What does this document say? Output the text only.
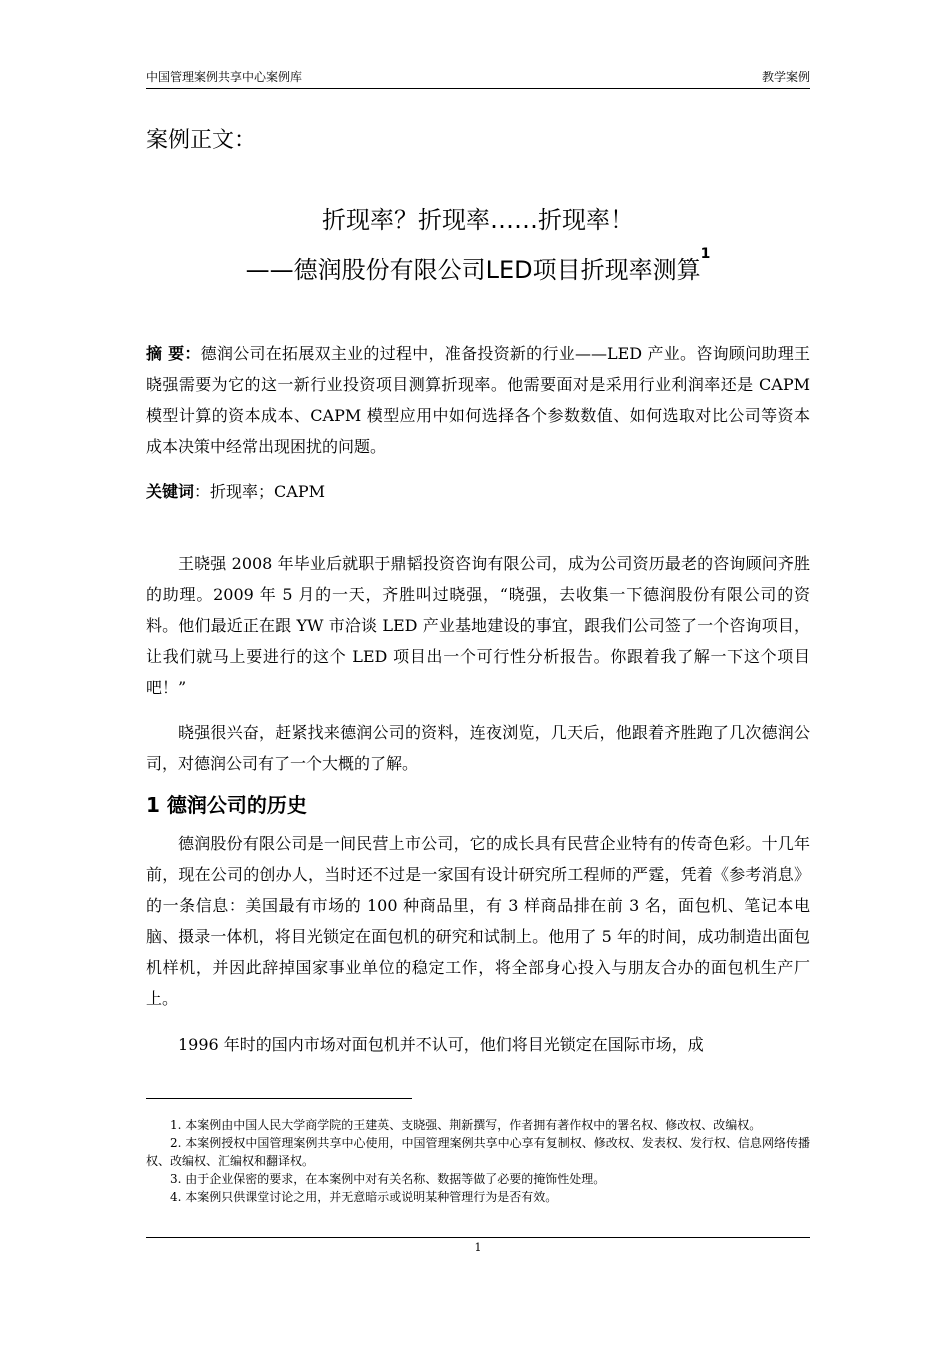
中国管理案例共享中心案例库	教学案例
案例正文：
折现率？折现率……折现率！
——德润股份有限公司LED项目折现率测算$^1$

摘 要：德润公司在拓展双主业的过程中，准备投资新的行业——LED 产业。咨询顾问助理王晓强需要为它的这一新行业投资项目测算折现率。他需要面对是采用行业利润率还是 CAPM 模型计算的资本成本、CAPM 模型应用中如何选择各个参数数值、如何选取对比公司等资本成本决策中经常出现困扰的问题。

关键词：折现率；CAPM

王晓强 2008 年毕业后就职于鼎韬投资咨询有限公司，成为公司资历最老的咨询顾问齐胜的助理。2009 年 5 月的一天，齐胜叫过晓强，“晓强，去收集一下德润股份有限公司的资料。他们最近正在跟 YW 市洽谈 LED 产业基地建设的事宜，跟我们公司签了一个咨询项目，让我们就马上要进行的这个 LED 项目出一个可行性分析报告。你跟着我了解一下这个项目吧！”

晓强很兴奋，赶紧找来德润公司的资料，连夜浏览，几天后，他跟着齐胜跑了几次德润公司，对德润公司有了一个大概的了解。

1 德润公司的历史

德润股份有限公司是一间民营上市公司，它的成长具有民营企业特有的传奇色彩。十几年前，现在公司的创办人，当时还不过是一家国有设计研究所工程师的严霆，凭着《参考消息》的一条信息：美国最有市场的 100 种商品里，有 3 样商品排在前 3 名，面包机、笔记本电脑、摄录一体机，将目光锁定在面包机的研究和试制上。他用了 5 年的时间，成功制造出面包机样机，并因此辞掉国家事业单位的稳定工作，将全部身心投入与朋友合办的面包机生产厂上。

1996 年时的国内市场对面包机并不认可，他们将目光锁定在国际市场，成

1. 本案例由中国人民大学商学院的王建英、支晓强、荆新撰写，作者拥有著作权中的署名权、修改权、改编权。

2. 本案例授权中国管理案例共享中心使用，中国管理案例共享中心享有复制权、修改权、发表权、发行权、信息网络传播权、改编权、汇编权和翻译权。

3. 由于企业保密的要求，在本案例中对有关名称、数据等做了必要的掩饰性处理。

4. 本案例只供课堂讨论之用，并无意暗示或说明某种管理行为是否有效。

1
